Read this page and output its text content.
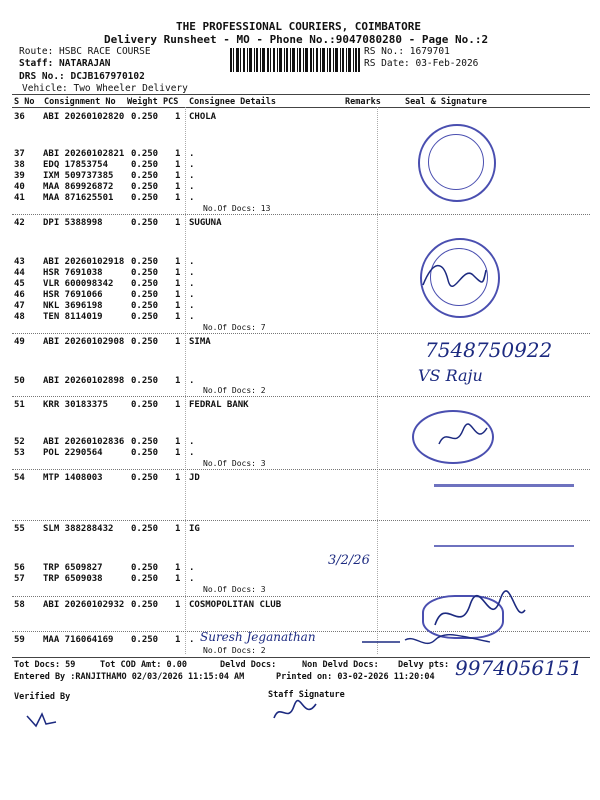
THE PROFESSIONAL COURIERS, COIMBATORE
Delivery Runsheet - MO - Phone No.:9047080280 - Page No.:2
Route: HSBC RACE COURSE
Staff: NATARAJAN
DRS No.: DCJB167970102
Vehicle: Two Wheeler Delivery
RS No.: 1679701
RS Date: 03-Feb-2026
S No Consignment No Weight PCS Consignee Details	Remarks	Seal & Signature
36 ABI 20260102820 0.250 1 CHOLA
37 ABI 20260102821 0.250 1 .
38 EDQ 17853754	0.250 1 .
39 IXM 509737385 0.250 1 .
40 MAA 869926872 0.250 1 .
41 MAA 871625501 0.250 1 .
No.Of Docs: 13
42 DPI 5388998	0.250 1 SUGUNA
43 ABI 20260102918 0.250 1 .
44 HSR 7691038	0.250 1 .
45 VLR 600098342 0.250 1 .
46 HSR 7691066	0.250 1 .
47 NKL 3696198	0.250 1 .
48 TEN 8114019	0.250 1 .
No.Of Docs: 7
49 ABI 20260102908 0.250 1 SIMA
50 ABI 20260102898 0.250 1 .
No.Of Docs: 2
51 KRR 30183375	0.250 1 FEDRAL BANK
52 ABI 20260102836 0.250 1 .
53 POL 2290564	0.250 1 .
No.Of Docs: 3
54 MTP 1408003	0.250 1 JD
55 SLM 388288432 0.250 1 IG
56 TRP 6509827	0.250 1 .
57 TRP 6509038	0.250 1 .
No.Of Docs: 3
58 ABI 20260102932 0.250 1 COSMOPOLITAN CLUB
59 MAA 716064169 0.250 1 .
No.Of Docs: 2
7548750922
VS Raju
3/2/26
Suresh Jeganathan
9974056151
Tot Docs: 59	Tot COD Amt: 0.00	Delvd Docs:	Non Delvd Docs: Delvy pts:
Entered By :RANJITHAMO 02/03/2026 11:15:04 AM	Printed on: 03-02-2026 11:20:04
Verified By	Staff Signature
